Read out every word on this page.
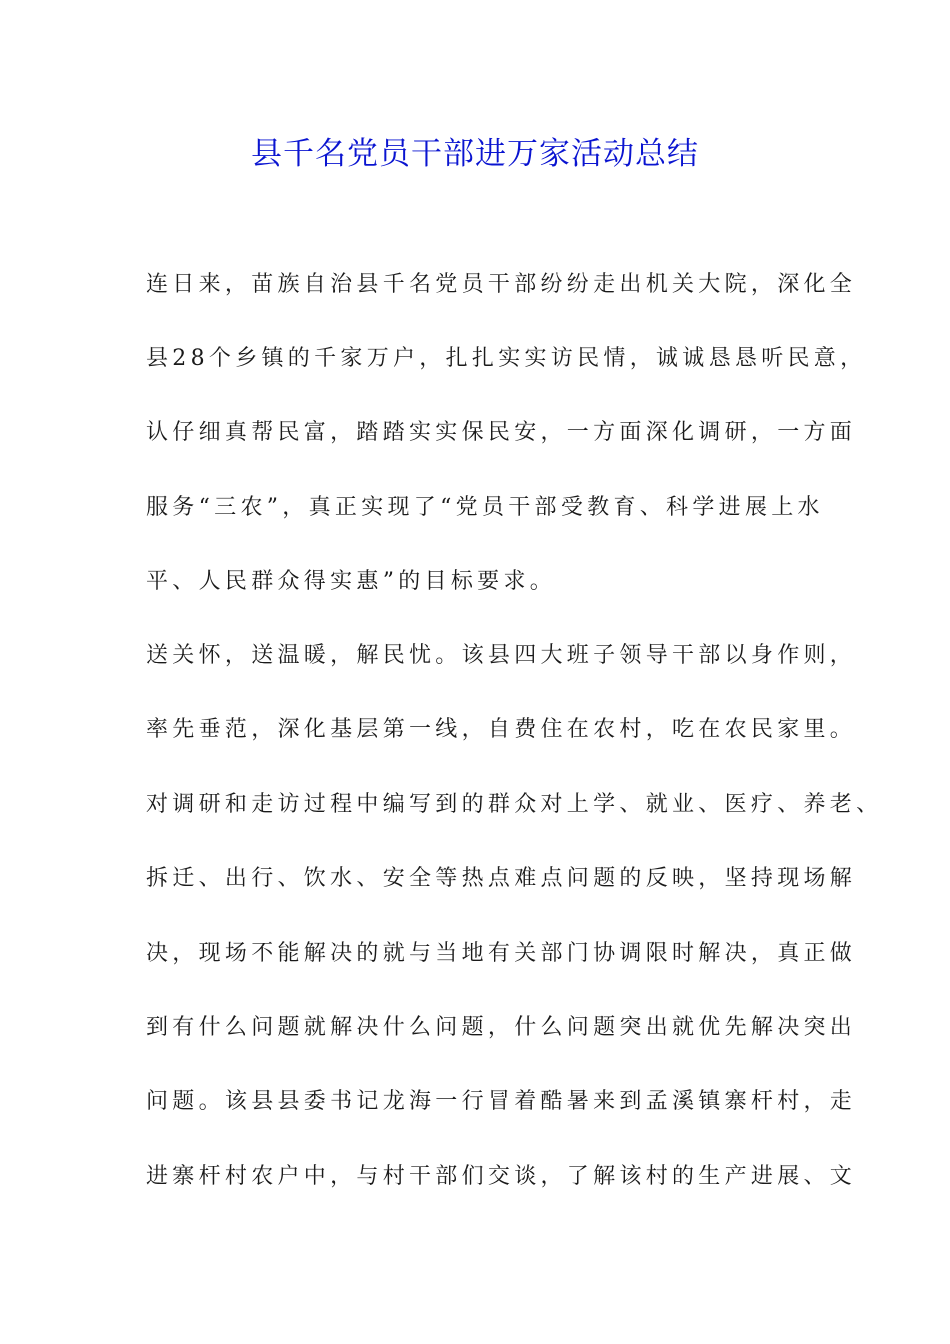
县千名党员干部进万家活动总结
连日来，苗族自治县千名党员干部纷纷走出机关大院，深化全
县28个乡镇的千家万户，扎扎实实访民情，诚诚恳恳听民意，
认仔细真帮民富，踏踏实实保民安，一方面深化调研，一方面
服务“三农”，真正实现了“党员干部受教育、科学进展上水
平、人民群众得实惠”的目标要求。
送关怀，送温暖，解民忧。该县四大班子领导干部以身作则，
率先垂范，深化基层第一线，自费住在农村，吃在农民家里。
对调研和走访过程中编写到的群众对上学、就业、医疗、养老、
拆迁、出行、饮水、安全等热点难点问题的反映，坚持现场解
决，现场不能解决的就与当地有关部门协调限时解决，真正做
到有什么问题就解决什么问题，什么问题突出就优先解决突出
问题。该县县委书记龙海一行冒着酷暑来到孟溪镇寨杆村，走
进寨杆村农户中，与村干部们交谈，了解该村的生产进展、文
